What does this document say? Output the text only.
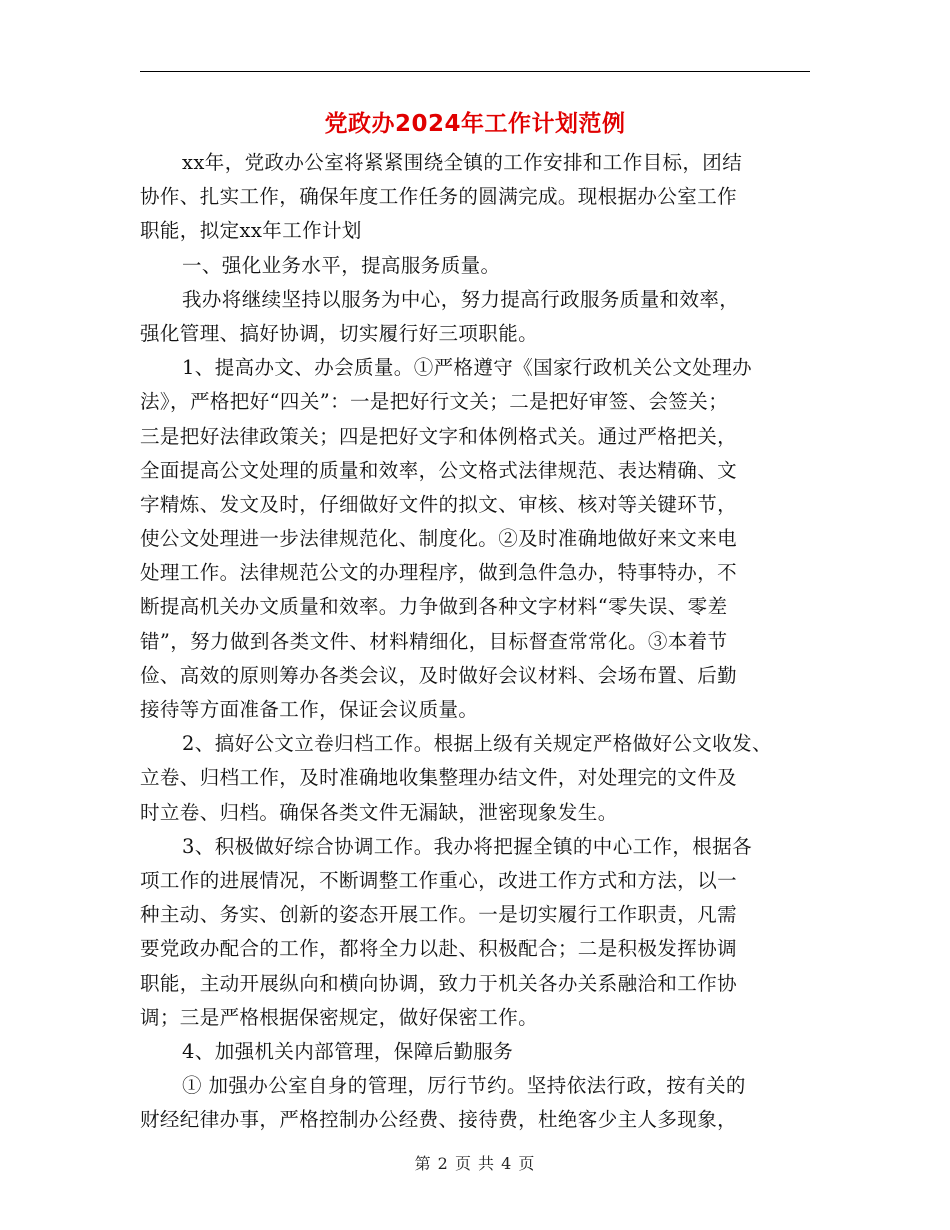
党政办2024年工作计划范例
xx年，党政办公室将紧紧围绕全镇的工作安排和工作目标，团结
协作、扎实工作，确保年度工作任务的圆满完成。现根据办公室工作
职能，拟定xx年工作计划
一、强化业务水平，提高服务质量。
我办将继续坚持以服务为中心，努力提高行政服务质量和效率，
强化管理、搞好协调，切实履行好三项职能。
1、提高办文、办会质量。①严格遵守《国家行政机关公文处理办
法》，严格把好“四关”：一是把好行文关；二是把好审签、会签关；
三是把好法律政策关；四是把好文字和体例格式关。通过严格把关，
全面提高公文处理的质量和效率，公文格式法律规范、表达精确、文
字精炼、发文及时，仔细做好文件的拟文、审核、核对等关键环节，
使公文处理进一步法律规范化、制度化。②及时准确地做好来文来电
处理工作。法律规范公文的办理程序，做到急件急办，特事特办，不
断提高机关办文质量和效率。力争做到各种文字材料“零失误、零差
错”，努力做到各类文件、材料精细化，目标督查常常化。③本着节
俭、高效的原则筹办各类会议，及时做好会议材料、会场布置、后勤
接待等方面准备工作，保证会议质量。
2、搞好公文立卷归档工作。根据上级有关规定严格做好公文收发、
立卷、归档工作，及时准确地收集整理办结文件，对处理完的文件及
时立卷、归档。确保各类文件无漏缺，泄密现象发生。
3、积极做好综合协调工作。我办将把握全镇的中心工作，根据各
项工作的进展情况，不断调整工作重心，改进工作方式和方法，以一
种主动、务实、创新的姿态开展工作。一是切实履行工作职责，凡需
要党政办配合的工作，都将全力以赴、积极配合；二是积极发挥协调
职能，主动开展纵向和横向协调，致力于机关各办关系融洽和工作协
调；三是严格根据保密规定，做好保密工作。
4、加强机关内部管理，保障后勤服务
① 加强办公室自身的管理，厉行节约。坚持依法行政，按有关的
财经纪律办事，严格控制办公经费、接待费，杜绝客少主人多现象，
第 2 页 共 4 页
